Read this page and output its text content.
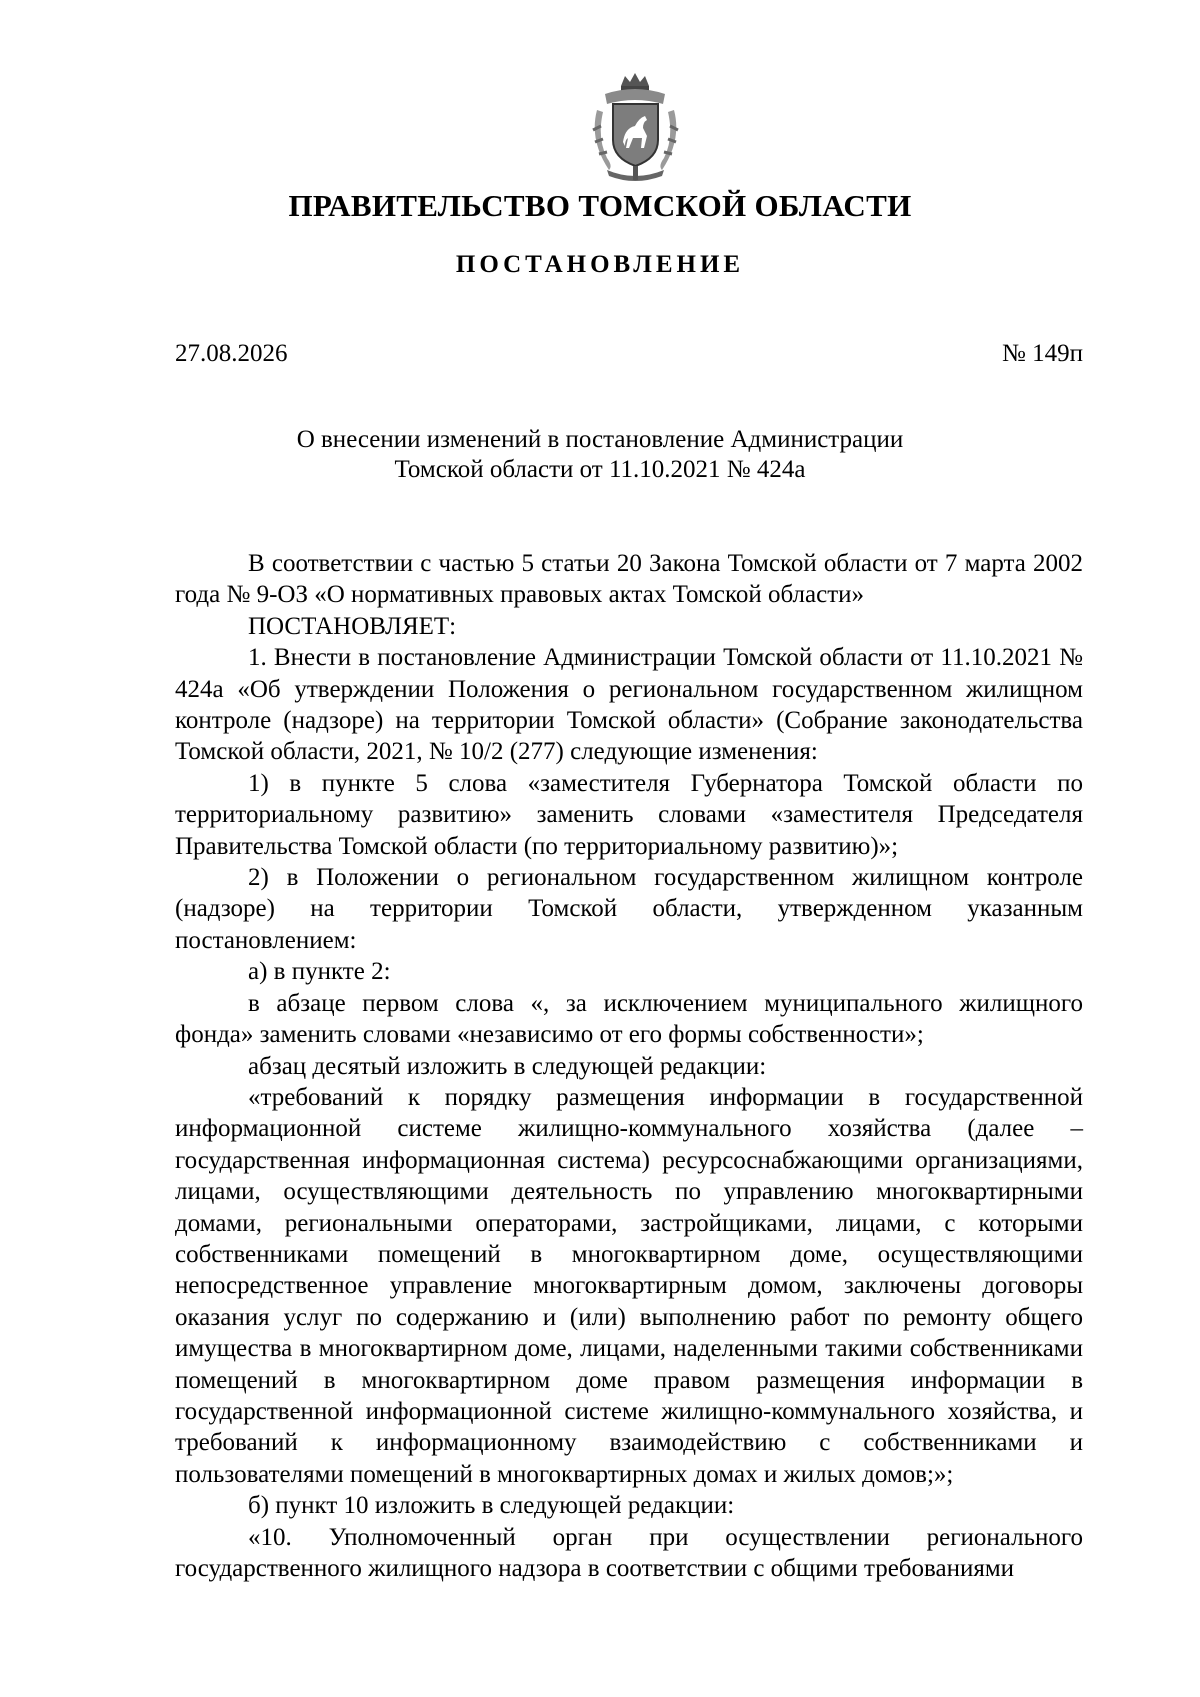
ПРАВИТЕЛЬСТВО ТОМСКОЙ ОБЛАСТИ
ПОСТАНОВЛЕНИЕ
27.08.2026	№ 149п
О внесении изменений в постановление Администрации
Томской области от 11.10.2021 № 424а

В соответствии с частью 5 статьи 20 Закона Томской области от 7 марта 2002 года № 9-ОЗ «О нормативных правовых актах Томской области»

ПОСТАНОВЛЯЕТ:

1. Внести в постановление Администрации Томской области от 11.10.2021 № 424а «Об утверждении Положения о региональном государственном жилищном контроле (надзоре) на территории Томской области» (Собрание законодательства Томской области, 2021, № 10/2 (277) следующие изменения:

1) в пункте 5 слова «заместителя Губернатора Томской области по территориальному развитию» заменить словами «заместителя Председателя Правительства Томской области (по территориальному развитию)»;

2) в Положении о региональном государственном жилищном контроле (надзоре) на территории Томской области, утвержденном указанным постановлением:

а) в пункте 2:

в абзаце первом слова «, за исключением муниципального жилищного фонда» заменить словами «независимо от его формы собственности»;

абзац десятый изложить в следующей редакции:

«требований к порядку размещения информации в государственной информационной системе жилищно-коммунального хозяйства (далее – государственная информационная система) ресурсоснабжающими организациями, лицами, осуществляющими деятельность по управлению многоквартирными домами, региональными операторами, застройщиками, лицами, с которыми собственниками помещений в многоквартирном доме, осуществляющими непосредственное управление многоквартирным домом, заключены договоры оказания услуг по содержанию и (или) выполнению работ по ремонту общего имущества в многоквартирном доме, лицами, наделенными такими собственниками помещений в многоквартирном доме правом размещения информации в государственной информационной системе жилищно-коммунального хозяйства, и требований к информационному взаимодействию с собственниками и пользователями помещений в многоквартирных домах и жилых домов;»;

б) пункт 10 изложить в следующей редакции:

«10. Уполномоченный орган при осуществлении регионального государственного жилищного надзора в соответствии с общими требованиями
